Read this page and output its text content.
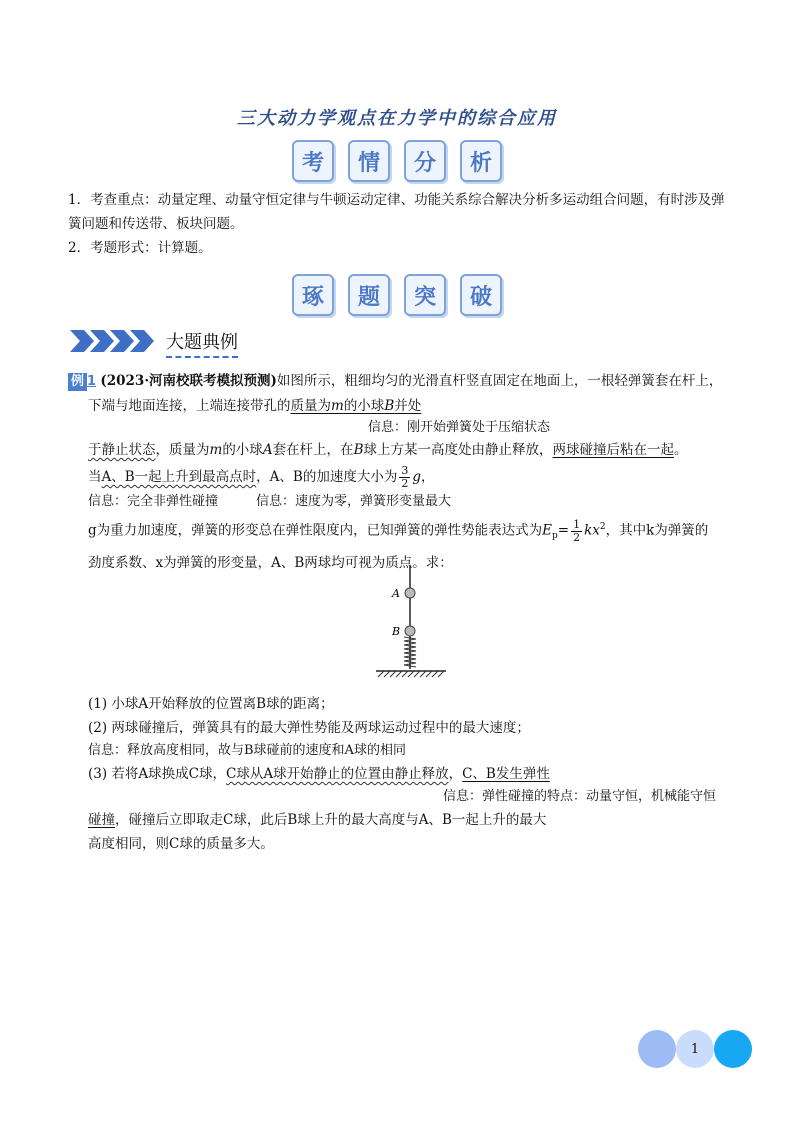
三大动力学观点在力学中的综合应用
考	情	分	析
1．考查重点：动量定理、动量守恒定律与牛顿运动定律、功能关系综合解决分析多运动组合问题，有时涉及弹
簧问题和传送带、板块问题。
2．考题形式：计算题。
琢	题	突	破
大题典例
例 1 (2023·河南校联考模拟预测)如图所示，粗细均匀的光滑直杆竖直固定在地面上，一根轻弹簧套在杆上，
下端与地面连接，上端连接带孔的质量为m的小球B并处
信息：刚开始弹簧处于压缩状态
于静止状态，质量为m的小球A套在杆上，在B球上方某一高度处由静止释放，两球碰撞后粘在一起。
当A、B一起上升到最高点时，A、B的加速度大小为 $\frac{3}{2}$ g，
信息：完全非弹性碰撞	信息：速度为零，弹簧形变量最大
g为重力加速度，弹簧的形变总在弹性限度内，已知弹簧的弹性势能表达式为$E_p= \frac{1}{2} kx^2$，其中k为弹簧的
劲度系数、x为弹簧的形变量，A、B两球均可视为质点。求：
A
B
(1) 小球A开始释放的位置离B球的距离；
(2) 两球碰撞后，弹簧具有的最大弹性势能及两球运动过程中的最大速度；
信息：释放高度相同，故与B球碰前的速度和A球的相同
(3) 若将A球换成C球，C球从A球开始静止的位置由静止释放，C、B发生弹性
信息：弹性碰撞的特点：动量守恒，机械能守恒
碰撞，碰撞后立即取走C球，此后B球上升的最大高度与A、B一起上升的最大
高度相同，则C球的质量多大。
1
